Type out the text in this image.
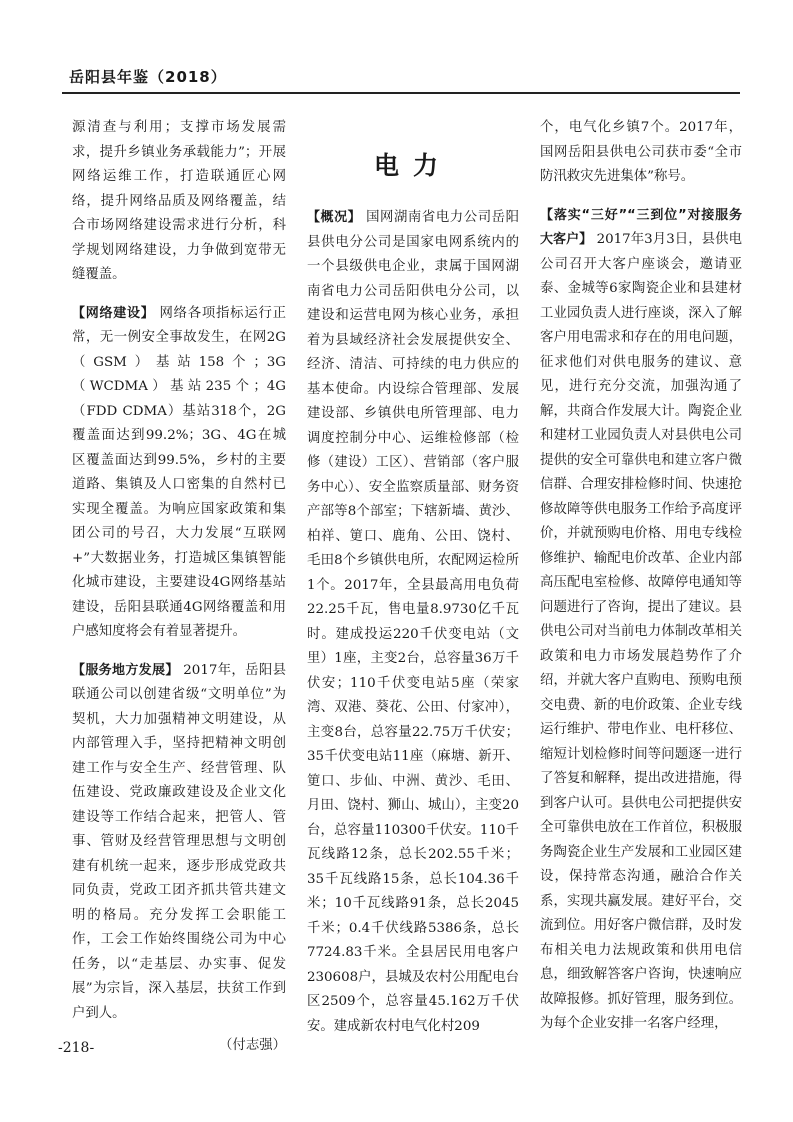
岳阳县年鉴（2018）

源清查与利用；支撑市场发展需求，提升乡镇业务承载能力”；开展网络运维工作，打造联通匠心网络，提升网络品质及网络覆盖，结合市场网络建设需求进行分析，科学规划网络建设，力争做到宽带无缝覆盖。

【网络建设】 网络各项指标运行正常，无一例安全事故发生，在网2G（GSM）基站158个；3G（WCDMA）基站235个；4G（FDD CDMA）基站318个，2G覆盖面达到99.2%；3G、4G在城区覆盖面达到99.5%，乡村的主要道路、集镇及人口密集的自然村已实现全覆盖。为响应国家政策和集团公司的号召，大力发展“互联网+”大数据业务，打造城区集镇智能化城市建设，主要建设4G网络基站建设，岳阳县联通4G网络覆盖和用户感知度将会有着显著提升。

【服务地方发展】 2017年，岳阳县联通公司以创建省级“文明单位”为契机，大力加强精神文明建设，从内部管理入手，坚持把精神文明创建工作与安全生产、经营管理、队伍建设、党政廉政建设及企业文化建设等工作结合起来，把管人、管事、管财及经营管理思想与文明创建有机统一起来，逐步形成党政共同负责，党政工团齐抓共管共建文明的格局。充分发挥工会职能工作，工会工作始终围绕公司为中心任务，以“走基层、办实事、促发展”为宗旨，深入基层，扶贫工作到户到人。

（付志强）
电力

【概况】 国网湖南省电力公司岳阳县供电分公司是国家电网系统内的一个县级供电企业，隶属于国网湖南省电力公司岳阳供电分公司，以建设和运营电网为核心业务，承担着为县域经济社会发展提供安全、经济、清洁、可持续的电力供应的基本使命。内设综合管理部、发展建设部、乡镇供电所管理部、电力调度控制分中心、运维检修部（检修（建设）工区）、营销部（客户服务中心）、安全监察质量部、财务资产部等8个部室；下辖新墙、黄沙、柏祥、筻口、鹿角、公田、饶村、毛田8个乡镇供电所，农配网运检所1个。2017年，全县最高用电负荷22.25千瓦，售电量8.9730亿千瓦时。建成投运220千伏变电站（文里）1座，主变2台，总容量36万千伏安；110千伏变电站5座（荣家湾、双港、葵花、公田、付家冲），主变8台，总容量22.75万千伏安；35千伏变电站11座（麻塘、新开、筻口、步仙、中洲、黄沙、毛田、月田、饶村、狮山、城山），主变20台，总容量110300千伏安。110千瓦线路12条，总长202.55千米；35千瓦线路15条，总长104.36千米；10千瓦线路91条，总长2045千米；0.4千伏线路5386条，总长7724.83千米。全县居民用电客户230608户，县城及农村公用配电台区2509个，总容量45.162万千伏安。建成新农村电气化村209

个，电气化乡镇7个。2017年，国网岳阳县供电公司获市委“全市防汛救灾先进集体”称号。

【落实“三好”“三到位”对接服务大客户】 2017年3月3日，县供电公司召开大客户座谈会，邀请亚泰、金城等6家陶瓷企业和县建材工业园负责人进行座谈，深入了解客户用电需求和存在的用电问题，征求他们对供电服务的建议、意见，进行充分交流，加强沟通了解，共商合作发展大计。陶瓷企业和建材工业园负责人对县供电公司提供的安全可靠供电和建立客户微信群、合理安排检修时间、快速抢修故障等供电服务工作给予高度评价，并就预购电价格、用电专线检修维护、输配电价改革、企业内部高压配电室检修、故障停电通知等问题进行了咨询，提出了建议。县供电公司对当前电力体制改革相关政策和电力市场发展趋势作了介绍，并就大客户直购电、预购电预交电费、新的电价政策、企业专线运行维护、带电作业、电杆移位、缩短计划检修时间等问题逐一进行了答复和解释，提出改进措施，得到客户认可。县供电公司把提供安全可靠供电放在工作首位，积极服务陶瓷企业生产发展和工业园区建设，保持常态沟通，融洽合作关系，实现共赢发展。建好平台，交流到位。用好客户微信群，及时发布相关电力法规政策和供用电信息，细致解答客户咨询，快速响应故障报修。抓好管理，服务到位。为每个企业安排一名客户经理，

-218-
